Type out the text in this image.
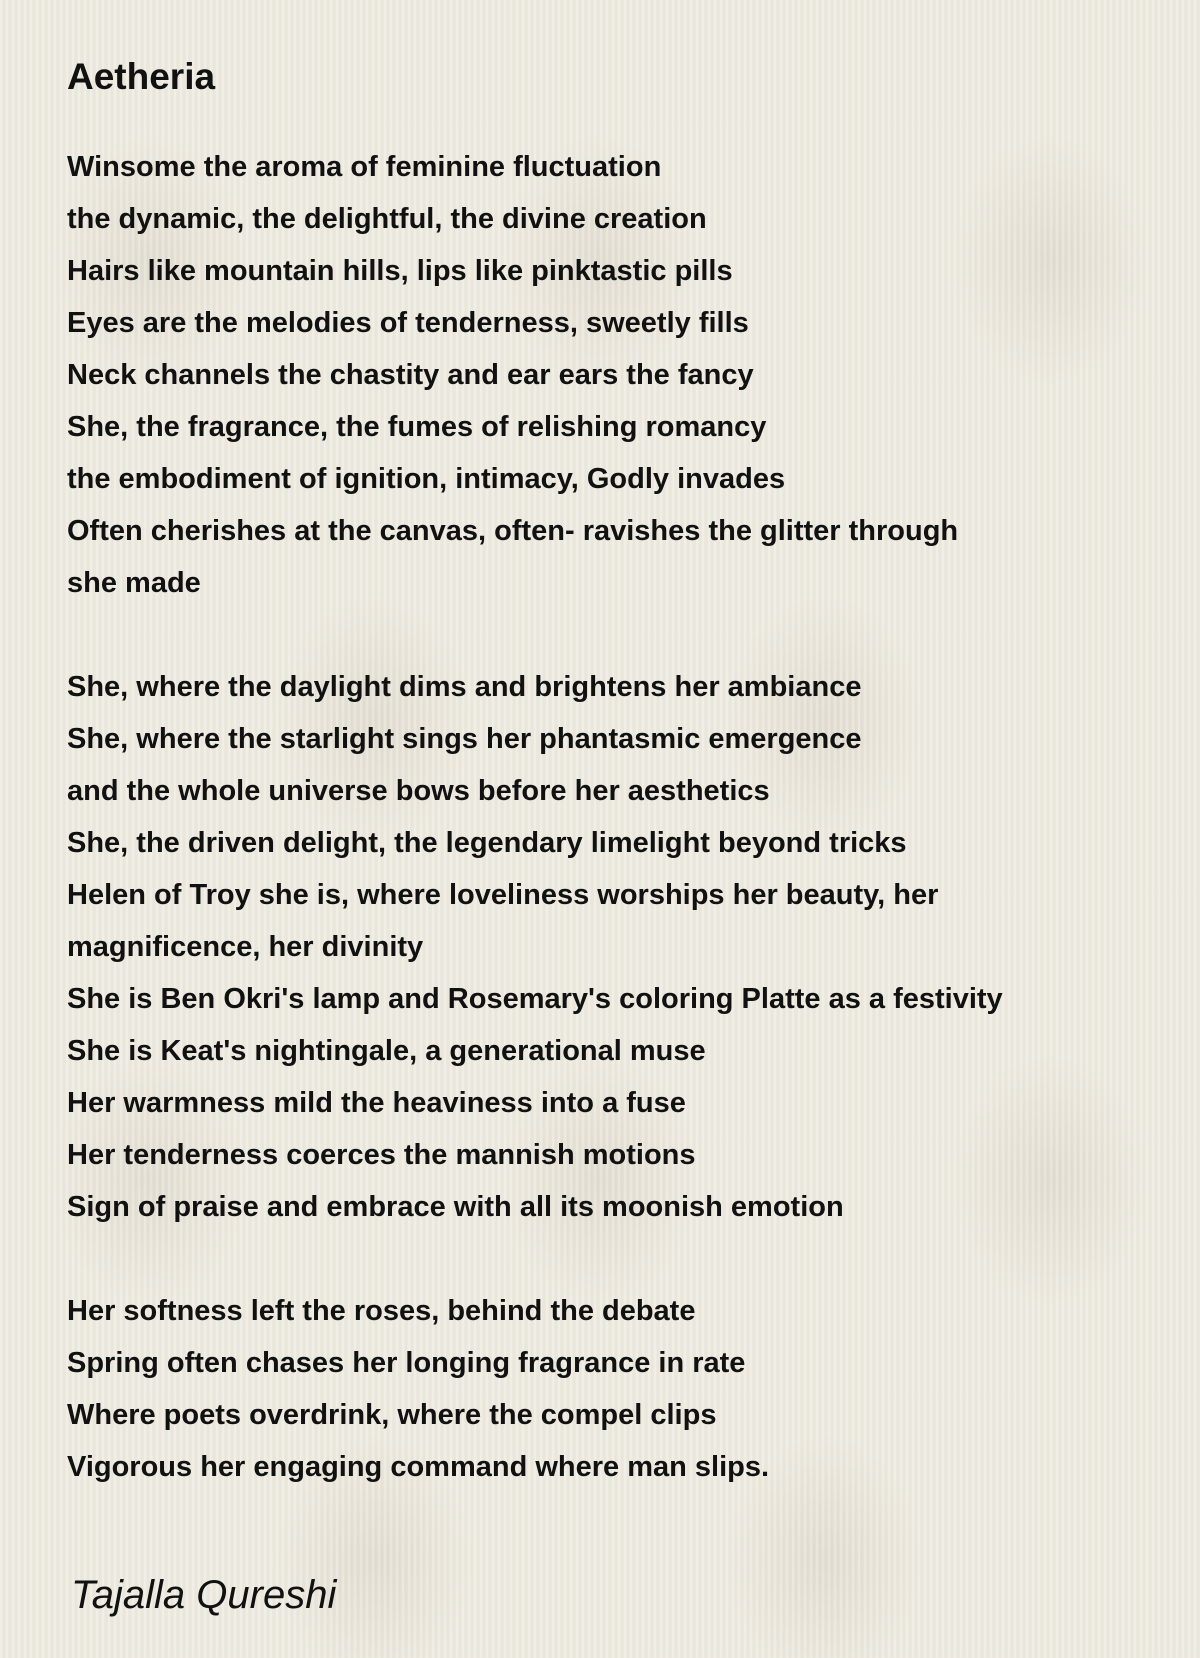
Aetheria
Winsome the aroma of feminine fluctuation
the dynamic, the delightful, the divine creation
Hairs like mountain hills, lips like pinktastic pills
Eyes are the melodies of tenderness, sweetly fills
Neck channels the chastity and ear ears the fancy
She, the fragrance, the fumes of relishing romancy
the embodiment of ignition, intimacy, Godly invades
Often cherishes at the canvas, often- ravishes the glitter through
she made
She, where the daylight dims and brightens her ambiance
She, where the starlight sings her phantasmic emergence
and the whole universe bows before her aesthetics
She, the driven delight, the legendary limelight beyond tricks
Helen of Troy she is, where loveliness worships her beauty, her
magnificence, her divinity
She is Ben Okri's lamp and Rosemary's coloring Platte as a festivity
She is Keat's nightingale, a generational muse
Her warmness mild the heaviness into a fuse
Her tenderness coerces the mannish motions
Sign of praise and embrace with all its moonish emotion
Her softness left the roses, behind the debate
Spring often chases her longing fragrance in rate
Where poets overdrink, where the compel clips
Vigorous her engaging command where man slips.
Tajalla Qureshi
